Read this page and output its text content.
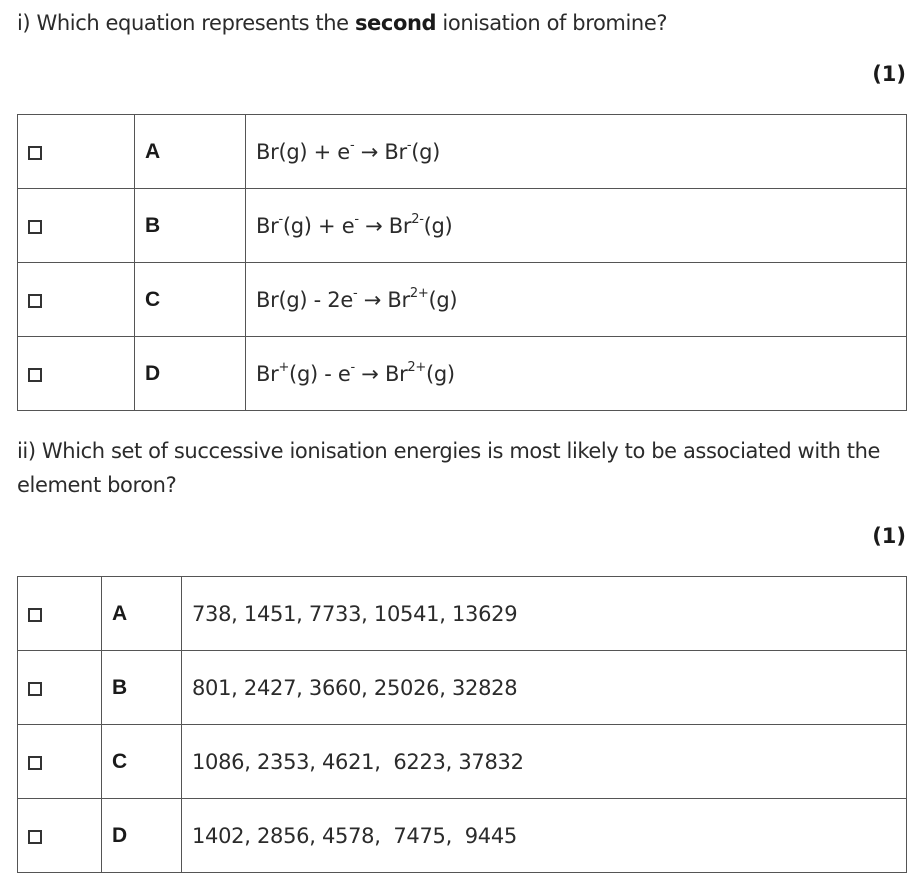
i) Which equation represents the second ionisation of bromine?

(1)
	A	Br(g) + e- → Br-(g)
	B	$Br^-(g) + e^- \to Br^{2-}(g)$
	C	$Br(g) - 2e^- \to Br^{2+}(g)$
	D	$Br^+(g) - e^- \to Br^{2+}(g)$

ii) Which set of successive ionisation energies is most likely to be associated with the
element boron?

(1)
	A	738, 1451, 7733, 10541, 13629
	B	801, 2427, 3660, 25026, 32828
	C	1086, 2353, 4621,  6223, 37832
	D	1402, 2856, 4578,  7475,  9445
